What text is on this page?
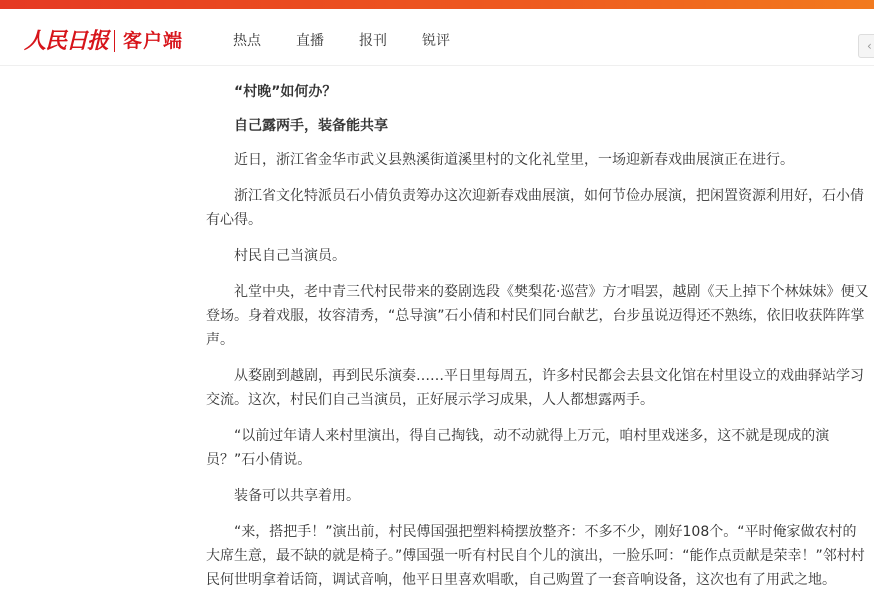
人民日报 客户端	热点	直播	报刊	锐评	‹

“村晚”如何办？

自己露两手，装备能共享

近日，浙江省金华市武义县熟溪街道溪里村的文化礼堂里，一场迎新春戏曲展演正在进行。

浙江省文化特派员石小倩负责筹办这次迎新春戏曲展演，如何节俭办展演，把闲置资源利用好，石小倩有心得。

村民自己当演员。

礼堂中央，老中青三代村民带来的婺剧选段《樊梨花·巡营》方才唱罢，越剧《天上掉下个林妹妹》便又登场。身着戏服，妆容清秀，“总导演”石小倩和村民们同台献艺，台步虽说迈得还不熟练，依旧收获阵阵掌声。

从婺剧到越剧，再到民乐演奏……平日里每周五，许多村民都会去县文化馆在村里设立的戏曲驿站学习交流。这次，村民们自己当演员，正好展示学习成果，人人都想露两手。

“以前过年请人来村里演出，得自己掏钱，动不动就得上万元，咱村里戏迷多，这不就是现成的演员？”石小倩说。

装备可以共享着用。

“来，搭把手！”演出前，村民傅国强把塑料椅摆放整齐：不多不少，刚好108个。“平时俺家做农村的大席生意，最不缺的就是椅子。”傅国强一听有村民自个儿的演出，一脸乐呵：“能作点贡献是荣幸！”邻村村民何世明拿着话筒，调试音响，他平日里喜欢唱歌，自己购置了一套音响设备，这次也有了用武之地。
